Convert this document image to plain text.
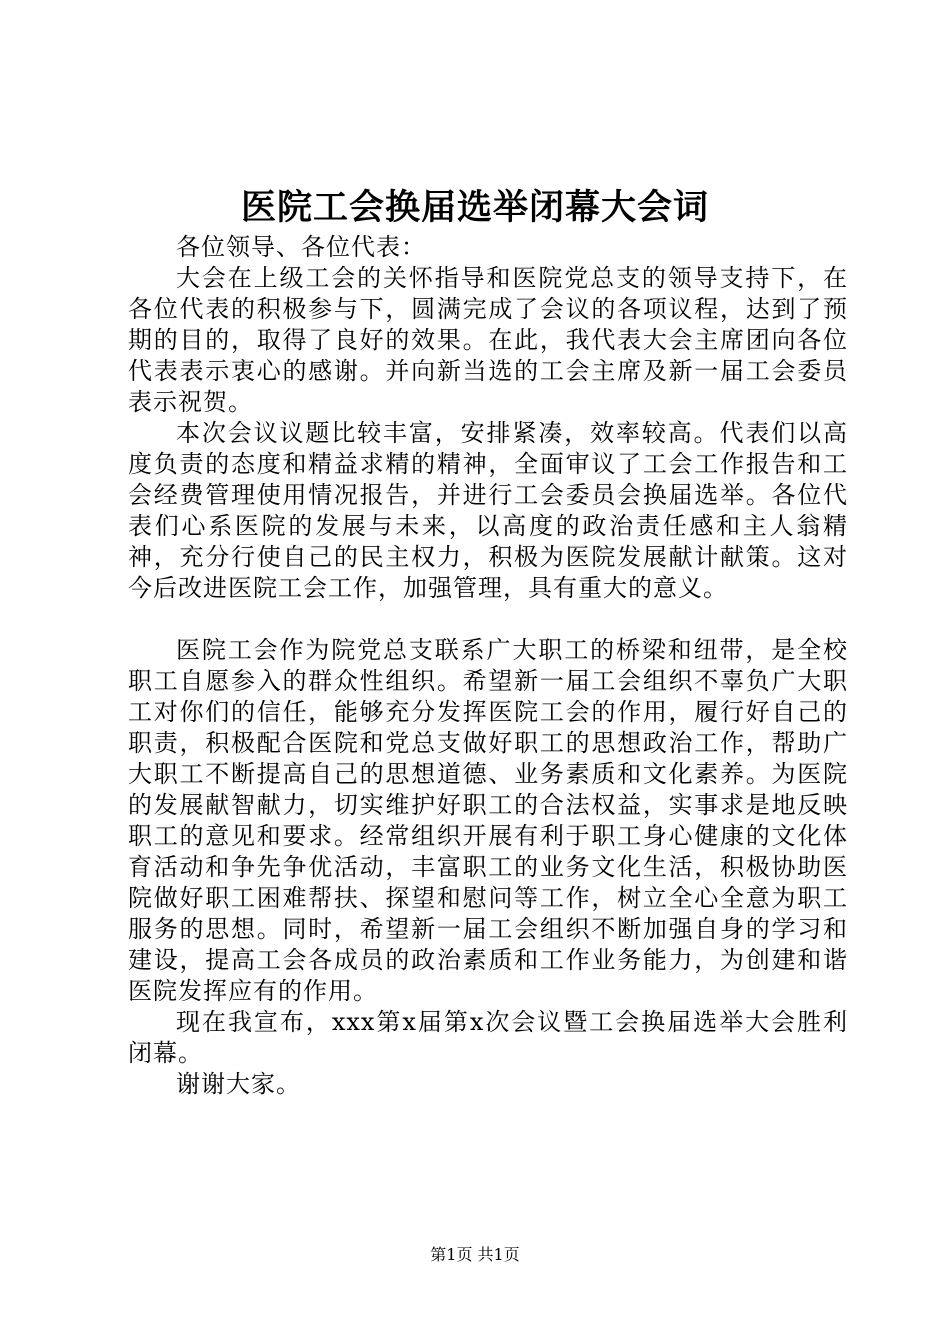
医院工会换届选举闭幕大会词

各位领导、各位代表：

大会在上级工会的关怀指导和医院党总支的领导支持下，在各位代表的积极参与下，圆满完成了会议的各项议程，达到了预期的目的，取得了良好的效果。在此，我代表大会主席团向各位代表表示衷心的感谢。并向新当选的工会主席及新一届工会委员表示祝贺。

本次会议议题比较丰富，安排紧凑，效率较高。代表们以高度负责的态度和精益求精的精神，全面审议了工会工作报告和工会经费管理使用情况报告，并进行工会委员会换届选举。各位代表们心系医院的发展与未来，以高度的政治责任感和主人翁精神，充分行使自己的民主权力，积极为医院发展献计献策。这对今后改进医院工会工作，加强管理，具有重大的意义。

医院工会作为院党总支联系广大职工的桥梁和纽带，是全校职工自愿参入的群众性组织。希望新一届工会组织不辜负广大职工对你们的信任，能够充分发挥医院工会的作用，履行好自己的职责，积极配合医院和党总支做好职工的思想政治工作，帮助广大职工不断提高自己的思想道德、业务素质和文化素养。为医院的发展献智献力，切实维护好职工的合法权益，实事求是地反映职工的意见和要求。经常组织开展有利于职工身心健康的文化体育活动和争先争优活动，丰富职工的业务文化生活，积极协助医院做好职工困难帮扶、探望和慰问等工作，树立全心全意为职工服务的思想。同时，希望新一届工会组织不断加强自身的学习和建设，提高工会各成员的政治素质和工作业务能力，为创建和谐医院发挥应有的作用。

现在我宣布，xxx第x届第x次会议暨工会换届选举大会胜利闭幕。

谢谢大家。

第1页 共1页
